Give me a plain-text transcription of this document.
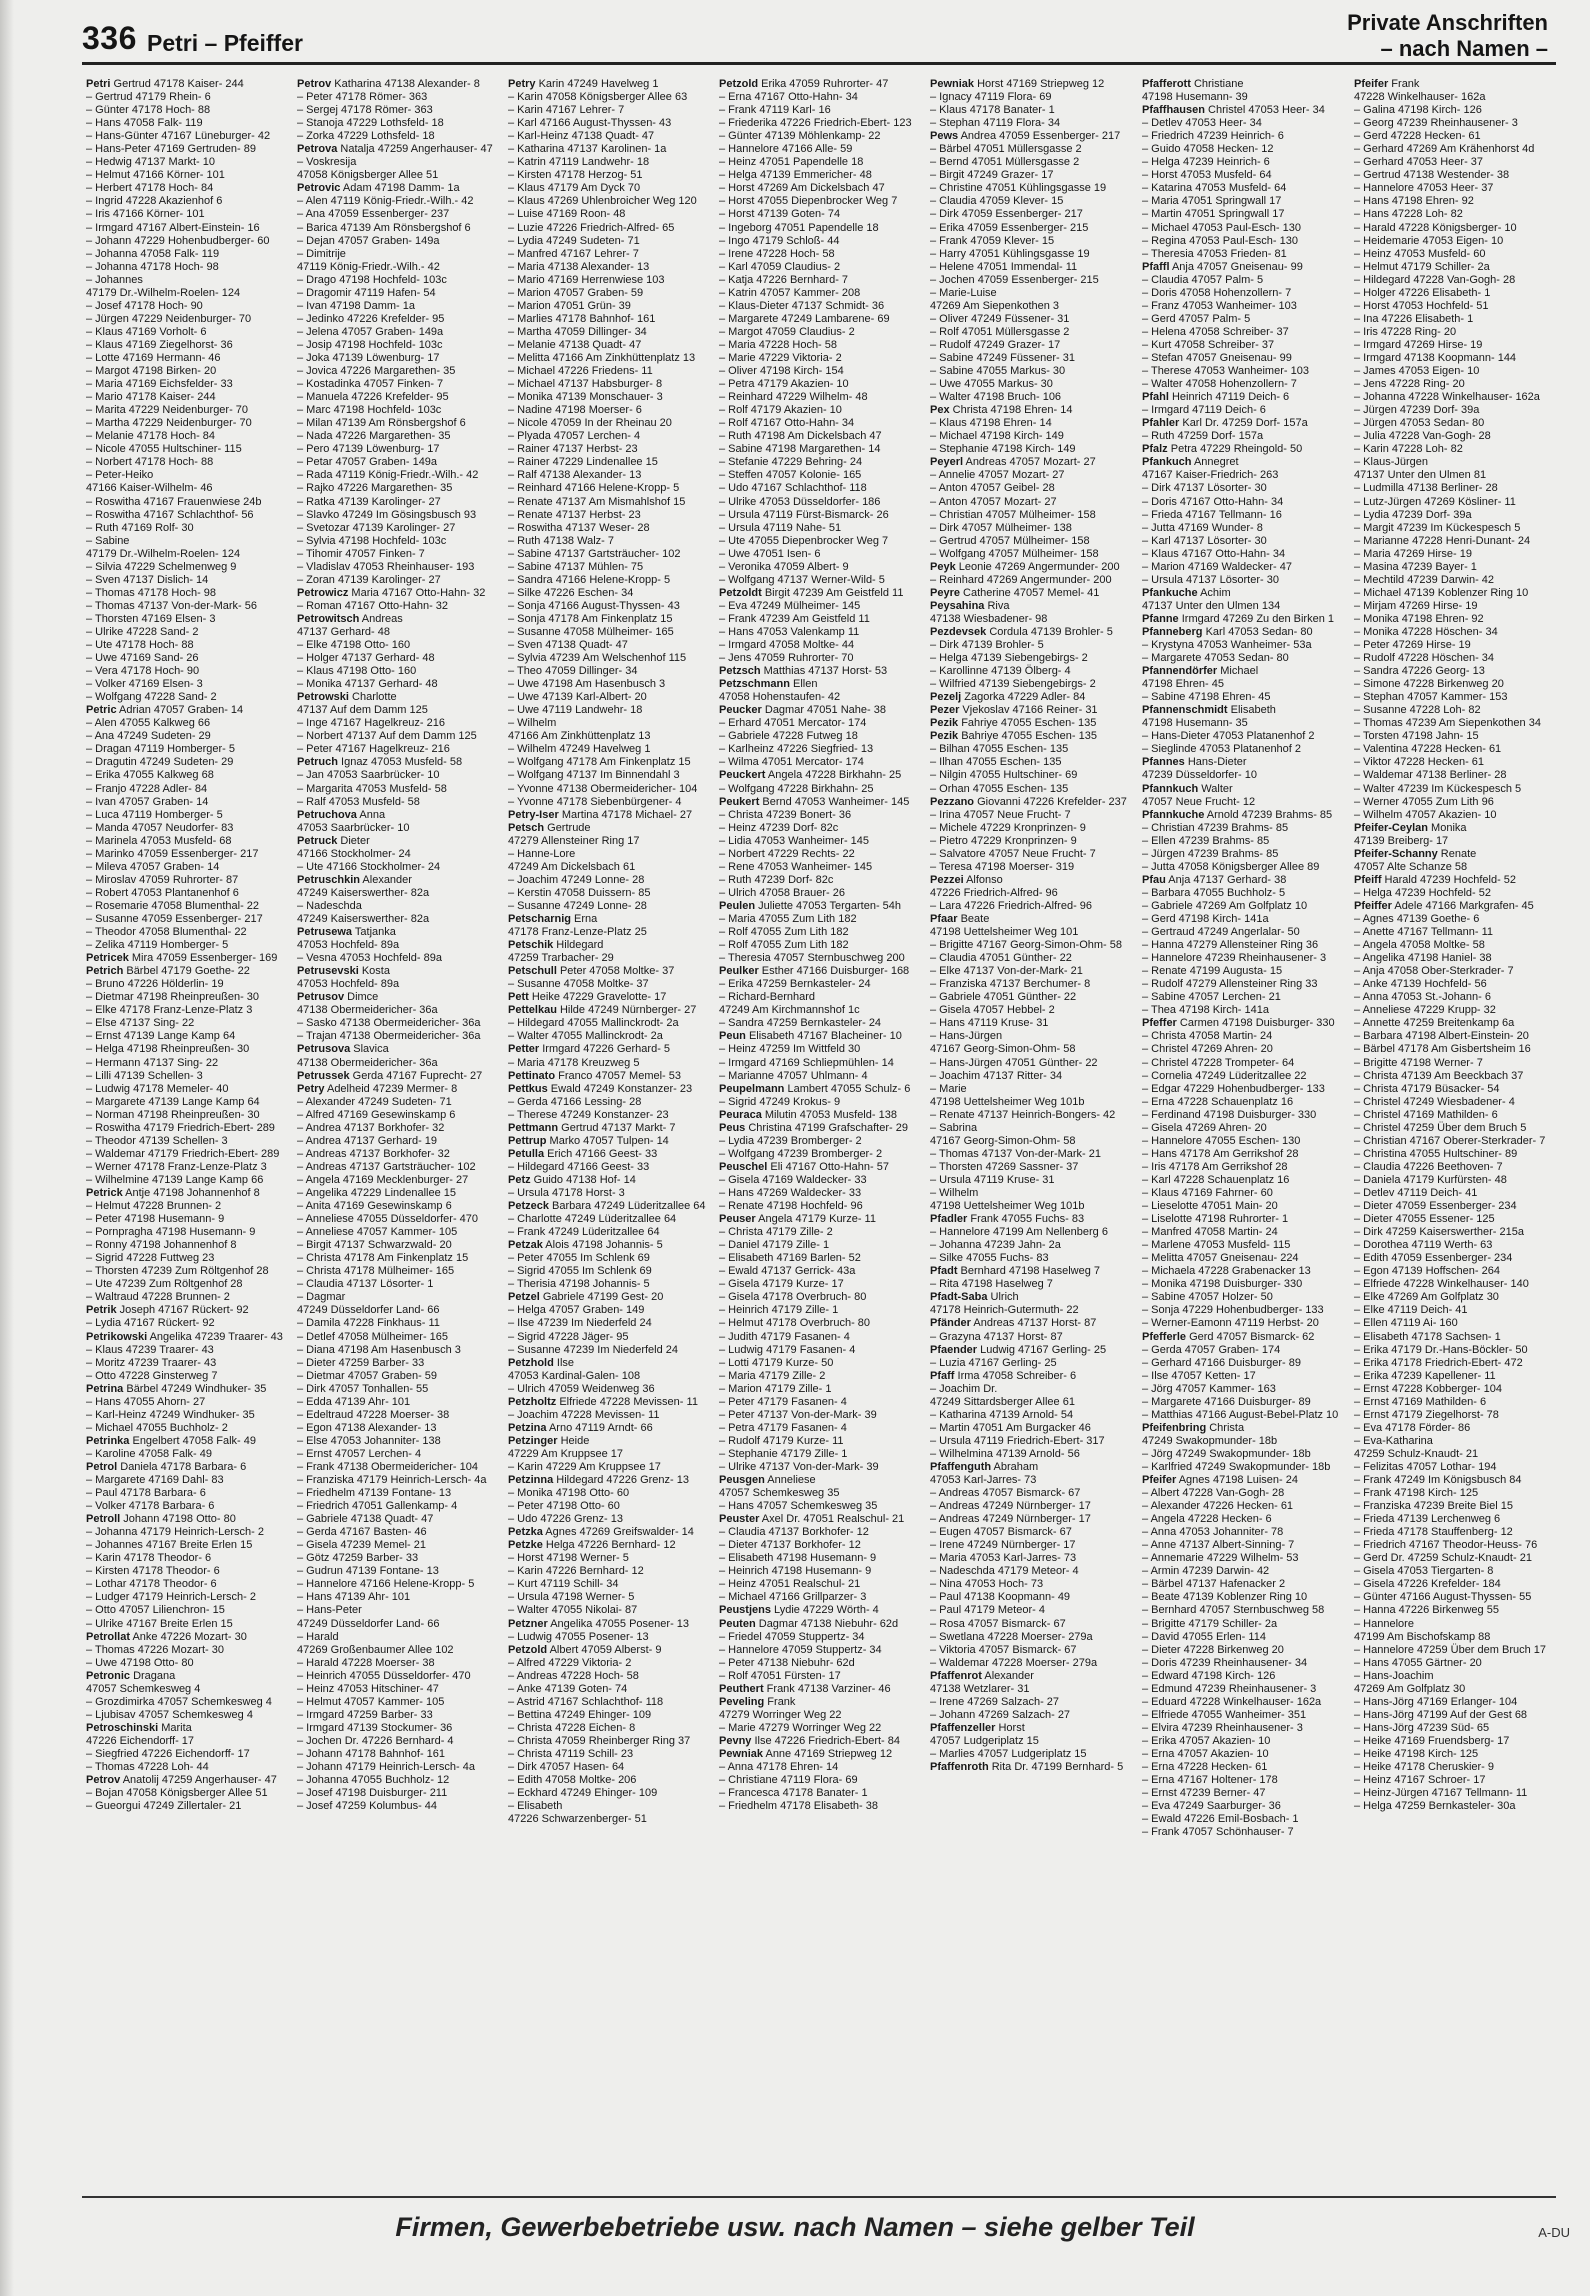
336 Petri – Pfeiffer
Private Anschriften
– nach Namen –
Petri Gertrud 47178 Kaiser- 244
– Gertrud 47179 Rhein- 6
– Günter 47178 Hoch- 88
– Hans 47058 Falk- 119
– Hans-Günter 47167 Lüneburger- 42
– Hans-Peter 47169 Gertruden- 89
– Hedwig 47137 Markt- 10
– Helmut 47166 Körner- 101
– Herbert 47178 Hoch- 84
– Ingrid 47228 Akazienhof 6
– Iris 47166 Körner- 101
– Irmgard 47167 Albert-Einstein- 16
– Johann 47229 Hohenbudberger- 60
– Johanna 47058 Falk- 119
– Johanna 47178 Hoch- 98
– Johannes
47179 Dr.-Wilhelm-Roelen- 124
– Josef 47178 Hoch- 90
– Jürgen 47229 Neidenburger- 70
– Klaus 47169 Vorholt- 6
– Klaus 47169 Ziegelhorst- 36
– Lotte 47169 Hermann- 46
– Margot 47198 Birken- 20
– Maria 47169 Eichsfelder- 33
– Mario 47178 Kaiser- 244
– Marita 47229 Neidenburger- 70
– Martha 47229 Neidenburger- 70
– Melanie 47178 Hoch- 84
– Nicole 47055 Hultschiner- 115
– Norbert 47178 Hoch- 88
– Peter-Heiko
47166 Kaiser-Wilhelm- 46
– Roswitha 47167 Frauenwiese 24b
– Roswitha 47167 Schlachthof- 56
– Ruth 47169 Rolf- 30
– Sabine
47179 Dr.-Wilhelm-Roelen- 124
– Silvia 47229 Schelmenweg 9
– Sven 47137 Dislich- 14
– Thomas 47178 Hoch- 98
– Thomas 47137 Von-der-Mark- 56
– Thorsten 47169 Elsen- 3
– Ulrike 47228 Sand- 2
– Ute 47178 Hoch- 88
– Uwe 47169 Sand- 26
– Vera 47178 Hoch- 90
– Volker 47169 Elsen- 3
– Wolfgang 47228 Sand- 2
Petric Adrian 47057 Graben- 14
– Alen 47055 Kalkweg 66
– Ana 47249 Sudeten- 29
– Dragan 47119 Homberger- 5
– Dragutin 47249 Sudeten- 29
– Erika 47055 Kalkweg 68
– Franjo 47228 Adler- 84
– Ivan 47057 Graben- 14
– Luca 47119 Homberger- 5
– Manda 47057 Neudorfer- 83
– Marinela 47053 Musfeld- 68
– Marinko 47059 Essenberger- 217
– Mileva 47057 Graben- 14
– Miroslav 47059 Ruhrorter- 87
– Robert 47053 Plantanenhof 6
– Rosemarie 47058 Blumenthal- 22
– Susanne 47059 Essenberger- 217
– Theodor 47058 Blumenthal- 22
– Zelika 47119 Homberger- 5
Petricek Mira 47059 Essenberger- 169
Petrich Bärbel 47179 Goethe- 22
– Bruno 47226 Hölderlin- 19
– Dietmar 47198 Rheinpreußen- 30
– Elke 47178 Franz-Lenze-Platz 3
– Else 47137 Sing- 22
– Ernst 47139 Lange Kamp 64
– Helga 47198 Rheinpreußen- 30
– Hermann 47137 Sing- 22
– Lilli 47139 Schellen- 3
– Ludwig 47178 Memeler- 40
– Margarete 47139 Lange Kamp 64
– Norman 47198 Rheinpreußen- 30
– Roswitha 47179 Friedrich-Ebert- 289
– Theodor 47139 Schellen- 3
– Waldemar 47179 Friedrich-Ebert- 289
– Werner 47178 Franz-Lenze-Platz 3
– Wilhelmine 47139 Lange Kamp 66
Petrick Antje 47198 Johannenhof 8
– Helmut 47228 Brunnen- 2
– Peter 47198 Husemann- 9
– Pornpragha 47198 Husemann- 9
– Ronny 47198 Johannenhof 8
– Sigrid 47228 Futtweg 23
– Thorsten 47239 Zum Röltgenhof 28
– Ute 47239 Zum Röltgenhof 28
– Waltraud 47228 Brunnen- 2
Petrik Joseph 47167 Rückert- 92
– Lydia 47167 Rückert- 92
Petrikowski Angelika 47239 Traarer- 43
– Klaus 47239 Traarer- 43
– Moritz 47239 Traarer- 43
– Otto 47228 Ginsterweg 7
Petrina Bärbel 47249 Windhuker- 35
– Hans 47055 Ahorn- 27
– Karl-Heinz 47249 Windhuker- 35
– Michael 47055 Buchholz- 2
Petrinka Engelbert 47058 Falk- 49
– Karoline 47058 Falk- 49
Petrol Daniela 47178 Barbara- 6
– Margarete 47169 Dahl- 83
– Paul 47178 Barbara- 6
– Volker 47178 Barbara- 6
Petroll Johann 47198 Otto- 80
– Johanna 47179 Heinrich-Lersch- 2
– Johannes 47167 Breite Erlen 15
– Karin 47178 Theodor- 6
– Kirsten 47178 Theodor- 6
– Lothar 47178 Theodor- 6
– Ludger 47179 Heinrich-Lersch- 2
– Otto 47057 Lilienchron- 15
– Ulrike 47167 Breite Erlen 15
Petrollat Anke 47226 Mozart- 30
– Thomas 47226 Mozart- 30
– Uwe 47198 Otto- 80
Petronic Dragana
47057 Schemkesweg 4
– Grozdimirka 47057 Schemkesweg 4
– Ljubisav 47057 Schemkesweg 4
Petroschinski Marita
47226 Eichendorff- 17
– Siegfried 47226 Eichendorff- 17
– Thomas 47228 Loh- 44
Petrov Anatolij 47259 Angerhauser- 47
– Bojan 47058 Königsberger Allee 51
– Gueorgui 47249 Zillertaler- 21
Petrov Katharina 47138 Alexander- 8
– Peter 47178 Römer- 363
– Sergej 47178 Römer- 363
– Stanoja 47229 Lothsfeld- 18
– Zorka 47229 Lothsfeld- 18
Petrova Natalja 47259 Angerhauser- 47
– Voskresija
47058 Königsberger Allee 51
Petrovic Adam 47198 Damm- 1a
– Alen 47119 König-Friedr.-Wilh.- 42
– Ana 47059 Essenberger- 237
– Barica 47139 Am Rönsbergshof 6
– Dejan 47057 Graben- 149a
– Dimitrije
47119 König-Friedr.-Wilh.- 42
– Drago 47198 Hochfeld- 103c
– Dragomir 47119 Hafen- 54
– Ivan 47198 Damm- 1a
– Jedinko 47226 Krefelder- 95
– Jelena 47057 Graben- 149a
– Josip 47198 Hochfeld- 103c
– Joka 47139 Löwenburg- 17
– Jovica 47226 Margarethen- 35
– Kostadinka 47057 Finken- 7
– Manuela 47226 Krefelder- 95
– Marc 47198 Hochfeld- 103c
– Milan 47139 Am Rönsbergshof 6
– Nada 47226 Margarethen- 35
– Pero 47139 Löwenburg- 17
– Petar 47057 Graben- 149a
– Rada 47119 König-Friedr.-Wilh.- 42
– Rajko 47226 Margarethen- 35
– Ratka 47139 Karolinger- 27
– Slavko 47249 Im Gösingsbusch 93
– Svetozar 47139 Karolinger- 27
– Sylvia 47198 Hochfeld- 103c
– Tihomir 47057 Finken- 7
– Vladislav 47053 Rheinhauser- 193
– Zoran 47139 Karolinger- 27
Petrowicz Maria 47167 Otto-Hahn- 32
– Roman 47167 Otto-Hahn- 32
Petrowitsch Andreas
47137 Gerhard- 48
– Elke 47198 Otto- 160
– Holger 47137 Gerhard- 48
– Klaus 47198 Otto- 160
– Monika 47137 Gerhard- 48
Petrowski Charlotte
47137 Auf dem Damm 125
– Inge 47167 Hagelkreuz- 216
– Norbert 47137 Auf dem Damm 125
– Peter 47167 Hagelkreuz- 216
Petruch Ignaz 47053 Musfeld- 58
– Jan 47053 Saarbrücker- 10
– Margarita 47053 Musfeld- 58
– Ralf 47053 Musfeld- 58
Petruchova Anna
47053 Saarbrücker- 10
Petruck Dieter
47166 Stockholmer- 24
– Ute 47166 Stockholmer- 24
Petruschkin Alexander
47249 Kaiserswerther- 82a
– Nadeschda
47249 Kaiserswerther- 82a
Petrusewa Tatjanka
47053 Hochfeld- 89a
– Vesna 47053 Hochfeld- 89a
Petrusevski Kosta
47053 Hochfeld- 89a
Petrusov Dimce
47138 Obermeidericher- 36a
– Sasko 47138 Obermeidericher- 36a
– Trajan 47138 Obermeidericher- 36a
Petrusova Slavica
47138 Obermeidericher- 36a
Petrussek Gerda 47167 Fuprecht- 27
Petry Adelheid 47239 Mermer- 8
– Alexander 47249 Sudeten- 71
– Alfred 47169 Gesewinskamp 6
– Andrea 47137 Borkhofer- 32
– Andrea 47137 Gerhard- 19
– Andreas 47137 Borkhofer- 32
– Andreas 47137 Gartsträucher- 102
– Angela 47169 Mecklenburger- 27
– Angelika 47229 Lindenallee 15
– Anita 47169 Gesewinskamp 6
– Anneliese 47055 Düsseldorfer- 470
– Anneliese 47057 Kammer- 105
– Birgit 47137 Schwarzwald- 20
– Christa 47178 Am Finkenplatz 15
– Christa 47178 Mülheimer- 165
– Claudia 47137 Lösorter- 1
– Dagmar
47249 Düsseldorfer Land- 66
– Damila 47228 Finkhaus- 11
– Detlef 47058 Mülheimer- 165
– Diana 47198 Am Hasenbusch 3
– Dieter 47259 Barber- 33
– Dietmar 47057 Graben- 59
– Dirk 47057 Tonhallen- 55
– Edda 47139 Ahr- 101
– Edeltraud 47228 Moerser- 38
– Egon 47138 Alexander- 13
– Else 47053 Johanniter- 138
– Ernst 47057 Lerchen- 4
– Frank 47138 Obermeidericher- 104
– Franziska 47179 Heinrich-Lersch- 4a
– Friedhelm 47139 Fontane- 13
– Friedrich 47051 Gallenkamp- 4
– Gabriele 47138 Quadt- 47
– Gerda 47167 Basten- 46
– Gisela 47239 Memel- 21
– Götz 47259 Barber- 33
– Gudrun 47139 Fontane- 13
– Hannelore 47166 Helene-Kropp- 5
– Hans 47139 Ahr- 101
– Hans-Peter
47249 Düsseldorfer Land- 66
– Harald
47269 Großenbaumer Allee 102
– Harald 47228 Moerser- 38
– Heinrich 47055 Düsseldorfer- 470
– Heinz 47053 Hitschiner- 47
– Helmut 47057 Kammer- 105
– Irmgard 47259 Barber- 33
– Irmgard 47139 Stockumer- 36
– Jochen Dr. 47226 Bernhard- 4
– Johann 47178 Bahnhof- 161
– Johann 47179 Heinrich-Lersch- 4a
– Johanna 47055 Buchholz- 12
– Josef 47198 Duisburger- 211
– Josef 47259 Kolumbus- 44
Petry Karin 47249 Havelweg 1
– Karin 47058 Königsberger Allee 63
– Karin 47167 Lehrer- 7
– Karl 47166 August-Thyssen- 43
– Karl-Heinz 47138 Quadt- 47
– Katharina 47137 Karolinen- 1a
– Katrin 47119 Landwehr- 18
– Kirsten 47178 Herzog- 51
– Klaus 47179 Am Dyck 70
– Klaus 47269 Uhlenbroicher Weg 120
– Luise 47169 Roon- 48
– Luzie 47226 Friedrich-Alfred- 65
– Lydia 47249 Sudeten- 71
– Manfred 47167 Lehrer- 7
– Maria 47138 Alexander- 13
– Mario 47169 Herrenwiese 103
– Marion 47057 Graben- 59
– Marion 47051 Grün- 39
– Marlies 47178 Bahnhof- 161
– Martha 47059 Dillinger- 34
– Melanie 47138 Quadt- 47
– Melitta 47166 Am Zinkhüttenplatz 13
– Michael 47226 Friedens- 11
– Michael 47137 Habsburger- 8
– Monika 47139 Monschauer- 3
– Nadine 47198 Moerser- 6
– Nicole 47059 In der Rheinau 20
– Plyada 47057 Lerchen- 4
– Rainer 47137 Herbst- 23
– Rainer 47229 Lindenallee 15
– Ralf 47138 Alexander- 13
– Reinhard 47166 Helene-Kropp- 5
– Renate 47137 Am Mismahlshof 15
– Renate 47137 Herbst- 23
– Roswitha 47137 Weser- 28
– Ruth 47138 Walz- 7
– Sabine 47137 Gartsträucher- 102
– Sabine 47137 Mühlen- 75
– Sandra 47166 Helene-Kropp- 5
– Silke 47226 Eschen- 34
– Sonja 47166 August-Thyssen- 43
– Sonja 47178 Am Finkenplatz 15
– Susanne 47058 Mülheimer- 165
– Sven 47138 Quadt- 47
– Sylvia 47239 Am Welschenhof 115
– Theo 47059 Dillinger- 34
– Uwe 47198 Am Hasenbusch 3
– Uwe 47139 Karl-Albert- 20
– Uwe 47119 Landwehr- 18
– Wilhelm
47166 Am Zinkhüttenplatz 13
– Wilhelm 47249 Havelweg 1
– Wolfgang 47178 Am Finkenplatz 15
– Wolfgang 47137 Im Binnendahl 3
– Yvonne 47138 Obermeidericher- 104
– Yvonne 47178 Siebenbürgener- 4
Petry-Iser Martina 47178 Michael- 27
Petsch Gertrude
47279 Allensteiner Ring 17
– Hanne-Lore
47249 Am Dickelsbach 61
– Joachim 47249 Lonne- 28
– Kerstin 47058 Duissern- 85
– Susanne 47249 Lonne- 28
Petscharnig Erna
47178 Franz-Lenze-Platz 25
Petschik Hildegard
47259 Trarbacher- 29
Petschull Peter 47058 Moltke- 37
– Susanne 47058 Moltke- 37
Pett Heike 47229 Gravelotte- 17
Pettelkau Hilde 47249 Nürnberger- 27
– Hildegard 47055 Mallinckrodt- 2a
– Walter 47055 Mallinckrodt- 2a
Petter Irmgard 47226 Gerhard- 5
– Maria 47178 Kreuzweg 5
Pettinato Franco 47057 Memel- 53
Pettkus Ewald 47249 Konstanzer- 23
– Gerda 47166 Lessing- 28
– Therese 47249 Konstanzer- 23
Pettmann Gertrud 47137 Markt- 7
Pettrup Marko 47057 Tulpen- 14
Petulla Erich 47166 Geest- 33
– Hildegard 47166 Geest- 33
Petz Guido 47138 Hof- 14
– Ursula 47178 Horst- 3
Petzeck Barbara 47249 Lüderitzallee 64
– Charlotte 47249 Lüderitzallee 64
– Frank 47249 Lüderitzallee 64
Petzak Alois 47198 Johannis- 5
– Peter 47055 Im Schlenk 69
– Sigrid 47055 Im Schlenk 69
– Therisia 47198 Johannis- 5
Petzel Gabriele 47199 Gest- 20
– Helga 47057 Graben- 149
– Ilse 47239 Im Niederfeld 24
– Sigrid 47228 Jäger- 95
– Susanne 47239 Im Niederfeld 24
Petzhold Ilse
47053 Kardinal-Galen- 108
– Ulrich 47059 Weidenweg 36
Petzholtz Elfriede 47228 Mevissen- 11
– Joachim 47228 Mevissen- 11
Petzina Arno 47119 Arndt- 66
Petzinger Heide
47229 Am Kruppsee 17
– Karin 47229 Am Kruppsee 17
Petzinna Hildegard 47226 Grenz- 13
– Monika 47198 Otto- 60
– Peter 47198 Otto- 60
– Udo 47226 Grenz- 13
Petzka Agnes 47269 Greifswalder- 14
Petzke Helga 47226 Bernhard- 12
– Horst 47198 Werner- 5
– Karin 47226 Bernhard- 12
– Kurt 47119 Schill- 34
– Ursula 47198 Werner- 5
– Walter 47055 Nikolai- 87
Petzner Angelika 47055 Posener- 13
– Ludwig 47055 Posener- 13
Petzold Albert 47059 Alberst- 9
– Alfred 47229 Viktoria- 2
– Andreas 47228 Hoch- 58
– Anke 47139 Goten- 74
– Astrid 47167 Schlachthof- 118
– Bettina 47249 Ehinger- 109
– Christa 47228 Eichen- 8
– Christa 47059 Rheinberger Ring 37
– Christa 47119 Schill- 23
– Dirk 47057 Hasen- 64
– Edith 47058 Moltke- 206
– Eckhard 47249 Ehinger- 109
– Elisabeth
47226 Schwarzenberger- 51
Petzold Erika 47059 Ruhrorter- 47
– Erna 47167 Otto-Hahn- 34
– Frank 47119 Karl- 16
– Friederika 47226 Friedrich-Ebert- 123
– Günter 47139 Möhlenkamp- 22
– Hannelore 47166 Alle- 59
– Heinz 47051 Papendelle 18
– Helga 47139 Emmericher- 48
– Horst 47269 Am Dickelsbach 47
– Horst 47055 Diepenbrocker Weg 7
– Horst 47139 Goten- 74
– Ingeborg 47051 Papendelle 18
– Ingo 47179 Schloß- 44
– Irene 47228 Hoch- 58
– Karl 47059 Claudius- 2
– Katja 47226 Bernhard- 7
– Katrin 47057 Kammer- 208
– Klaus-Dieter 47137 Schmidt- 36
– Margarete 47249 Lambarene- 69
– Margot 47059 Claudius- 2
– Maria 47228 Hoch- 58
– Marie 47229 Viktoria- 2
– Oliver 47198 Kirch- 154
– Petra 47179 Akazien- 10
– Reinhard 47229 Wilhelm- 48
– Rolf 47179 Akazien- 10
– Rolf 47167 Otto-Hahn- 34
– Ruth 47198 Am Dickelsbach 47
– Sabine 47198 Margarethen- 14
– Stefanie 47229 Behring- 24
– Steffen 47057 Kolonie- 165
– Udo 47167 Schlachthof- 118
– Ulrike 47053 Düsseldorfer- 186
– Ursula 47119 Fürst-Bismarck- 26
– Ursula 47119 Nahe- 51
– Ute 47055 Diepenbrocker Weg 7
– Uwe 47051 Isen- 6
– Veronika 47059 Albert- 9
– Wolfgang 47137 Werner-Wild- 5
Petzoldt Birgit 47239 Am Geistfeld 11
– Eva 47249 Mülheimer- 145
– Frank 47239 Am Geistfeld 11
– Hans 47053 Valenkamp 11
– Irmgard 47058 Moltke- 44
– Jens 47059 Ruhrorter- 70
Petzsch Matthias 47137 Horst- 53
Petzschmann Ellen
47058 Hohenstaufen- 42
Peucker Dagmar 47051 Nahe- 38
– Erhard 47051 Mercator- 174
– Gabriele 47228 Futweg 18
– Karlheinz 47226 Siegfried- 13
– Wilma 47051 Mercator- 174
Peuckert Angela 47228 Birkhahn- 25
– Wolfgang 47228 Birkhahn- 25
Peukert Bernd 47053 Wanheimer- 145
– Christa 47239 Bonert- 36
– Heinz 47239 Dorf- 82c
– Lidia 47053 Wanheimer- 145
– Norbert 47229 Rechts- 22
– Rene 47053 Wanheimer- 145
– Ruth 47239 Dorf- 82c
– Ulrich 47058 Brauer- 26
Peulen Juliette 47053 Tergarten- 54h
– Maria 47055 Zum Lith 182
– Rolf 47055 Zum Lith 182
– Rolf 47055 Zum Lith 182
– Theresia 47057 Sternbuschweg 200
Peulker Esther 47166 Duisburger- 168
– Erika 47259 Bernkasteler- 24
– Richard-Bernhard
47249 Am Kirchmannshof 1c
– Sandra 47259 Bernkasteler- 24
Peun Elisabeth 47167 Blacheiner- 10
– Heinz 47259 Im Wittfeld 30
– Irmgard 47169 Schliepmühlen- 14
– Marianne 47057 Uhlmann- 4
Peupelmann Lambert 47055 Schulz- 6
– Sigrid 47249 Krokus- 9
Peuraca Milutin 47053 Musfeld- 138
Peus Christina 47199 Grafschafter- 29
– Lydia 47239 Bromberger- 2
– Wolfgang 47239 Bromberger- 2
Peuschel Eli 47167 Otto-Hahn- 57
– Gisela 47169 Waldecker- 33
– Hans 47269 Waldecker- 33
– Renate 47198 Hochfeld- 96
Peuser Angela 47179 Kurze- 11
– Christa 47179 Zille- 2
– Daniel 47179 Zille- 1
– Elisabeth 47169 Barlen- 52
– Ewald 47137 Gerrick- 43a
– Gisela 47179 Kurze- 17
– Gisela 47178 Overbruch- 80
– Heinrich 47179 Zille- 1
– Helmut 47178 Overbruch- 80
– Judith 47179 Fasanen- 4
– Ludwig 47179 Fasanen- 4
– Lotti 47179 Kurze- 50
– Maria 47179 Zille- 2
– Marion 47179 Zille- 1
– Peter 47179 Fasanen- 4
– Peter 47137 Von-der-Mark- 39
– Petra 47179 Fasanen- 4
– Rudolf 47179 Kurze- 11
– Stephanie 47179 Zille- 1
– Ulrike 47137 Von-der-Mark- 39
Peusgen Anneliese
47057 Schemkesweg 35
– Hans 47057 Schemkesweg 35
Peuster Axel Dr. 47051 Realschul- 21
– Claudia 47137 Borkhofer- 12
– Dieter 47137 Borkhofer- 12
– Elisabeth 47198 Husemann- 9
– Heinrich 47198 Husemann- 9
– Heinz 47051 Realschul- 21
– Michael 47166 Grillparzer- 3
Peustjens Lydie 47229 Wörth- 4
Peuten Dagmar 47138 Niebuhr- 62d
– Friedel 47059 Stuppertz- 34
– Hannelore 47059 Stuppertz- 34
– Peter 47138 Niebuhr- 62d
– Rolf 47051 Fürsten- 17
Peuthert Frank 47138 Varziner- 46
Peveling Frank
47279 Worringer Weg 22
– Marie 47279 Worringer Weg 22
Pevny Ilse 47226 Friedrich-Ebert- 84
Pewniak Anne 47169 Striepweg 12
– Anna 47178 Ehren- 14
– Christiane 47119 Flora- 69
– Francesca 47178 Banater- 1
– Friedhelm 47178 Elisabeth- 38
Pewniak Horst 47169 Striepweg 12
– Ignacy 47119 Flora- 69
– Klaus 47178 Banater- 1
– Stephan 47119 Flora- 34
Pews Andrea 47059 Essenberger- 217
– Bärbel 47051 Müllersgasse 2
– Bernd 47051 Müllersgasse 2
– Birgit 47249 Grazer- 17
– Christine 47051 Kühlingsgasse 19
– Claudia 47059 Klever- 15
– Dirk 47059 Essenberger- 217
– Erika 47059 Essenberger- 215
– Frank 47059 Klever- 15
– Harry 47051 Kühlingsgasse 19
– Helene 47051 Immendal- 11
– Jochen 47059 Essenberger- 215
– Marie-Luise
47269 Am Siepenkothen 3
– Oliver 47249 Füssener- 31
– Rolf 47051 Müllersgasse 2
– Rudolf 47249 Grazer- 17
– Sabine 47249 Füssener- 31
– Sabine 47055 Markus- 30
– Uwe 47055 Markus- 30
– Walter 47198 Bruch- 106
Pex Christa 47198 Ehren- 14
– Klaus 47198 Ehren- 14
– Michael 47198 Kirch- 149
– Stephanie 47198 Kirch- 149
Peyerl Andreas 47057 Mozart- 27
– Annelie 47057 Mozart- 27
– Anton 47057 Geibel- 28
– Anton 47057 Mozart- 27
– Christian 47057 Mülheimer- 158
– Dirk 47057 Mülheimer- 138
– Gertrud 47057 Mülheimer- 158
– Wolfgang 47057 Mülheimer- 158
Peyk Leonie 47269 Angermunder- 200
– Reinhard 47269 Angermunder- 200
Peyre Catherine 47057 Memel- 41
Peysahina Riva
47138 Wiesbadener- 98
Pezdevsek Cordula 47139 Brohler- 5
– Dirk 47139 Brohler- 5
– Helga 47139 Siebengebirgs- 2
– Karollinne 47139 Ölberg- 4
– Wilfried 47139 Siebengebirgs- 2
Pezelj Zagorka 47229 Adler- 84
Pezer Vjekoslav 47166 Reiner- 31
Pezik Fahriye 47055 Eschen- 135
Pezik Bahriye 47055 Eschen- 135
– Bilhan 47055 Eschen- 135
– Ilhan 47055 Eschen- 135
– Nilgin 47055 Hultschiner- 69
– Orhan 47055 Eschen- 135
Pezzano Giovanni 47226 Krefelder- 237
– Irina 47057 Neue Frucht- 7
– Michele 47229 Kronprinzen- 9
– Pietro 47229 Kronprinzen- 9
– Salvatore 47057 Neue Frucht- 7
– Teresa 47198 Moerser- 319
Pezzei Alfonso
47226 Friedrich-Alfred- 96
– Lara 47226 Friedrich-Alfred- 96
Pfaar Beate
47198 Uettelsheimer Weg 101
– Brigitte 47167 Georg-Simon-Ohm- 58
– Claudia 47051 Günther- 22
– Elke 47137 Von-der-Mark- 21
– Franziska 47137 Berchumer- 8
– Gabriele 47051 Günther- 22
– Gisela 47057 Hebbel- 2
– Hans 47119 Kruse- 31
– Hans-Jürgen
47167 Georg-Simon-Ohm- 58
– Hans-Jürgen 47051 Günther- 22
– Joachim 47137 Ritter- 34
– Marie
47198 Uettelsheimer Weg 101b
– Renate 47137 Heinrich-Bongers- 42
– Sabrina
47167 Georg-Simon-Ohm- 58
– Thomas 47137 Von-der-Mark- 21
– Thorsten 47269 Sassner- 37
– Ursula 47119 Kruse- 31
– Wilhelm
47198 Uettelsheimer Weg 101b
Pfadler Frank 47055 Fuchs- 83
– Hannelore 47199 Am Nellenberg 6
– Johanna 47239 Jahn- 2a
– Silke 47055 Fuchs- 83
Pfadt Bernhard 47198 Haselweg 7
– Rita 47198 Haselweg 7
Pfadt-Saba Ulrich
47178 Heinrich-Gutermuth- 22
Pfänder Andreas 47137 Horst- 87
– Grazyna 47137 Horst- 87
Pfaender Ludwig 47167 Gerling- 25
– Luzia 47167 Gerling- 25
Pfaff Irma 47058 Schreiber- 6
– Joachim Dr.
47249 Sittardsberger Allee 61
– Katharina 47139 Arnold- 54
– Martin 47051 Am Burgacker 46
– Ursula 47119 Friedrich-Ebert- 317
– Wilhelmina 47139 Arnold- 56
Pfaffenguth Abraham
47053 Karl-Jarres- 73
– Andreas 47057 Bismarck- 67
– Andreas 47249 Nürnberger- 17
– Andreas 47249 Nürnberger- 17
– Eugen 47057 Bismarck- 67
– Irene 47249 Nürnberger- 17
– Maria 47053 Karl-Jarres- 73
– Nadeschda 47179 Meteor- 4
– Nina 47053 Hoch- 73
– Paul 47138 Koopmann- 49
– Paul 47179 Meteor- 4
– Rosa 47057 Bismarck- 67
– Swetlana 47228 Moerser- 279a
– Viktoria 47057 Bismarck- 67
– Waldemar 47228 Moerser- 279a
Pfaffenrot Alexander
47138 Wetzlarer- 31
– Irene 47269 Salzach- 27
– Johann 47269 Salzach- 27
Pfaffenzeller Horst
47057 Ludgeriplatz 15
– Marlies 47057 Ludgeriplatz 15
Pfaffenroth Rita Dr. 47199 Bernhard- 5
Pfafferott Christiane
47198 Husemann- 39
Pfaffhausen Christel 47053 Heer- 34
– Detlev 47053 Heer- 34
– Friedrich 47239 Heinrich- 6
– Guido 47058 Hecken- 12
– Helga 47239 Heinrich- 6
– Horst 47053 Musfeld- 64
– Katarina 47053 Musfeld- 64
– Maria 47051 Springwall 17
– Martin 47051 Springwall 17
– Michael 47053 Paul-Esch- 130
– Regina 47053 Paul-Esch- 130
– Theresia 47053 Frieden- 81
Pfaffl Anja 47057 Gneisenau- 99
– Claudia 47057 Palm- 5
– Doris 47058 Hohenzollern- 7
– Franz 47053 Wanheimer- 103
– Gerd 47057 Palm- 5
– Helena 47058 Schreiber- 37
– Kurt 47058 Schreiber- 37
– Stefan 47057 Gneisenau- 99
– Therese 47053 Wanheimer- 103
– Walter 47058 Hohenzollern- 7
Pfahl Heinrich 47119 Deich- 6
– Irmgard 47119 Deich- 6
Pfahler Karl Dr. 47259 Dorf- 157a
– Ruth 47259 Dorf- 157a
Pfalz Petra 47229 Rheingold- 50
Pfankuch Annegret
47167 Kaiser-Friedrich- 263
– Dirk 47137 Lösorter- 30
– Doris 47167 Otto-Hahn- 34
– Frieda 47167 Tellmann- 16
– Jutta 47169 Wunder- 8
– Karl 47137 Lösorter- 30
– Klaus 47167 Otto-Hahn- 34
– Marion 47169 Waldecker- 47
– Ursula 47137 Lösorter- 30
Pfankuche Achim
47137 Unter den Ulmen 134
Pfanne Irmgard 47269 Zu den Birken 1
Pfanneberg Karl 47053 Sedan- 80
– Krystyna 47053 Wanheimer- 53a
– Margarete 47053 Sedan- 80
Pfannendörfer Michael
47198 Ehren- 45
– Sabine 47198 Ehren- 45
Pfannenschmidt Elisabeth
47198 Husemann- 35
– Hans-Dieter 47053 Platanenhof 2
– Sieglinde 47053 Platanenhof 2
Pfannes Hans-Dieter
47239 Düsseldorfer- 10
Pfannkuch Walter
47057 Neue Frucht- 12
Pfannkuche Arnold 47239 Brahms- 85
– Christian 47239 Brahms- 85
– Ellen 47239 Brahms- 85
– Jürgen 47239 Brahms- 85
– Jutta 47058 Königsberger Allee 89
Pfau Anja 47137 Gerhard- 38
– Barbara 47055 Buchholz- 5
– Gabriele 47269 Am Golfplatz 10
– Gerd 47198 Kirch- 141a
– Gertraud 47249 Angerlalar- 50
– Hanna 47279 Allensteiner Ring 36
– Hannelore 47239 Rheinhausener- 3
– Renate 47199 Augusta- 15
– Rudolf 47279 Allensteiner Ring 33
– Sabine 47057 Lerchen- 21
– Thea 47198 Kirch- 141a
Pfeffer Carmen 47198 Duisburger- 330
– Christa 47058 Martin- 24
– Christel 47269 Ahren- 20
– Christel 47228 Trompeter- 64
– Cornelia 47249 Lüderitzallee 22
– Edgar 47229 Hohenbudberger- 133
– Erna 47228 Schauenplatz 16
– Ferdinand 47198 Duisburger- 330
– Gisela 47269 Ahren- 20
– Hannelore 47055 Eschen- 130
– Hans 47178 Am Gerrikshof 28
– Iris 47178 Am Gerrikshof 28
– Karl 47228 Schauenplatz 16
– Klaus 47169 Fahrner- 60
– Lieselotte 47051 Main- 20
– Liselotte 47198 Ruhrorter- 1
– Manfred 47058 Martin- 24
– Marlene 47053 Musfeld- 115
– Melitta 47057 Gneisenau- 224
– Michaela 47228 Grabenacker 13
– Monika 47198 Duisburger- 330
– Sabine 47057 Holzer- 50
– Sonja 47229 Hohenbudberger- 133
– Werner-Eamonn 47119 Herbst- 20
Pfefferle Gerd 47057 Bismarck- 62
– Gerda 47057 Graben- 174
– Gerhard 47166 Duisburger- 89
– Ilse 47057 Ketten- 17
– Jörg 47057 Kammer- 163
– Margarete 47166 Duisburger- 89
– Matthias 47166 August-Bebel-Platz 10
Pfeifenbring Christa
47249 Swakopmunder- 18b
– Jörg 47249 Swakopmunder- 18b
– Karlfried 47249 Swakopmunder- 18b
Pfeifer Agnes 47198 Luisen- 24
– Albert 47228 Van-Gogh- 28
– Alexander 47226 Hecken- 61
– Angela 47228 Hecken- 6
– Anna 47053 Johanniter- 78
– Anne 47137 Albert-Sinning- 7
– Annemarie 47229 Wilhelm- 53
– Armin 47239 Darwin- 42
– Bärbel 47137 Hafenacker 2
– Beate 47139 Koblenzer Ring 10
– Bernhard 47057 Sternbuschweg 58
– Brigitte 47179 Schiller- 2a
– David 47055 Erlen- 114
– Dieter 47228 Birkenweg 20
– Doris 47239 Rheinhausener- 34
– Edward 47198 Kirch- 126
– Edmund 47239 Rheinhausener- 3
– Eduard 47228 Winkelhauser- 162a
– Elfriede 47055 Wanheimer- 351
– Elvira 47239 Rheinhausener- 3
– Erika 47057 Akazien- 10
– Erna 47057 Akazien- 10
– Erna 47228 Hecken- 61
– Erna 47167 Holtener- 178
– Ernst 47239 Berner- 47
– Eva 47249 Saarburger- 36
– Ewald 47226 Emil-Bosbach- 1
– Frank 47057 Schönhauser- 7
Pfeifer Frank
47228 Winkelhauser- 162a
– Galina 47198 Kirch- 126
– Georg 47239 Rheinhausener- 3
– Gerd 47228 Hecken- 61
– Gerhard 47269 Am Krähenhorst 4d
– Gerhard 47053 Heer- 37
– Gertrud 47138 Westender- 38
– Hannelore 47053 Heer- 37
– Hans 47198 Ehren- 92
– Hans 47228 Loh- 82
– Harald 47228 Königsberger- 10
– Heidemarie 47053 Eigen- 10
– Heinz 47053 Musfeld- 60
– Helmut 47179 Schiller- 2a
– Hildegard 47228 Van-Gogh- 28
– Holger 47226 Elisabeth- 1
– Horst 47053 Hochfeld- 51
– Ina 47226 Elisabeth- 1
– Iris 47228 Ring- 20
– Irmgard 47269 Hirse- 19
– Irmgard 47138 Koopmann- 144
– James 47053 Eigen- 10
– Jens 47228 Ring- 20
– Johanna 47228 Winkelhauser- 162a
– Jürgen 47239 Dorf- 39a
– Jürgen 47053 Sedan- 80
– Julia 47228 Van-Gogh- 28
– Karin 47228 Loh- 82
– Klaus-Jürgen
47137 Unter den Ulmen 81
– Ludmilla 47138 Berliner- 28
– Lutz-Jürgen 47269 Kösliner- 11
– Lydia 47239 Dorf- 39a
– Margit 47239 Im Kückespesch 5
– Marianne 47228 Henri-Dunant- 24
– Maria 47269 Hirse- 19
– Masina 47239 Bayer- 1
– Mechtild 47239 Darwin- 42
– Michael 47139 Koblenzer Ring 10
– Mirjam 47269 Hirse- 19
– Monika 47198 Ehren- 92
– Monika 47228 Höschen- 34
– Peter 47269 Hirse- 19
– Rudolf 47228 Höschen- 34
– Sandra 47226 Georg- 13
– Simone 47228 Birkenweg 20
– Stephan 47057 Kammer- 153
– Susanne 47228 Loh- 82
– Thomas 47239 Am Siepenkothen 34
– Torsten 47198 Jahn- 15
– Valentina 47228 Hecken- 61
– Viktor 47228 Hecken- 61
– Waldemar 47138 Berliner- 28
– Walter 47239 Im Kückespesch 5
– Werner 47055 Zum Lith 96
– Wilhelm 47057 Akazien- 10
Pfeifer-Ceylan Monika
47139 Breiberg- 17
Pfeifer-Schanny Renate
47057 Alte Schanze 58
Pfeiff Harald 47239 Hochfeld- 52
– Helga 47239 Hochfeld- 52
Pfeiffer Adele 47166 Markgrafen- 45
– Agnes 47139 Goethe- 6
– Anette 47167 Tellmann- 11
– Angela 47058 Moltke- 58
– Angelika 47198 Haniel- 38
– Anja 47058 Ober-Sterkrader- 7
– Anke 47139 Hochfeld- 56
– Anna 47053 St.-Johann- 6
– Anneliese 47229 Krupp- 32
– Annette 47259 Breitenkamp 6a
– Barbara 47198 Albert-Einstein- 20
– Bärbel 47178 Am Gisbertsheim 16
– Brigitte 47198 Werner- 7
– Christa 47139 Am Beeckbach 37
– Christa 47179 Büsacker- 54
– Christel 47249 Wiesbadener- 4
– Christel 47169 Mathilden- 6
– Christel 47259 Über dem Bruch 5
– Christian 47167 Oberer-Sterkrader- 7
– Christina 47055 Hultschiner- 89
– Claudia 47226 Beethoven- 7
– Daniela 47179 Kurfürsten- 48
– Detlev 47119 Deich- 41
– Dieter 47059 Essenberger- 234
– Dieter 47055 Essener- 125
– Dirk 47259 Kaiserswerther- 215a
– Dorothea 47119 Werth- 63
– Edith 47059 Essenberger- 234
– Egon 47139 Hoffschen- 264
– Elfriede 47228 Winkelhauser- 140
– Elke 47269 Am Golfplatz 30
– Elke 47119 Deich- 41
– Ellen 47119 Ai- 160
– Elisabeth 47178 Sachsen- 1
– Erika 47179 Dr.-Hans-Böckler- 50
– Erika 47178 Friedrich-Ebert- 472
– Erika 47239 Kapellener- 11
– Ernst 47228 Kobberger- 104
– Ernst 47169 Mathilden- 6
– Ernst 47179 Ziegelhorst- 78
– Eva 47178 Förder- 86
– Eva-Katharina
47259 Schulz-Knaudt- 21
– Felizitas 47057 Lothar- 194
– Frank 47249 Im Königsbusch 84
– Frank 47198 Kirch- 125
– Franziska 47239 Breite Biel 15
– Frieda 47139 Lerchenweg 6
– Frieda 47178 Stauffenberg- 12
– Friedrich 47167 Theodor-Heuss- 76
– Gerd Dr. 47259 Schulz-Knaudt- 21
– Gisela 47053 Tiergarten- 8
– Gisela 47226 Krefelder- 184
– Günter 47166 August-Thyssen- 55
– Hanna 47226 Birkenweg 55
– Hannelore
47199 Am Bischofskamp 88
– Hannelore 47259 Über dem Bruch 17
– Hans 47055 Gärtner- 20
– Hans-Joachim
47269 Am Golfplatz 30
– Hans-Jörg 47169 Erlanger- 104
– Hans-Jörg 47199 Auf der Gest 68
– Hans-Jörg 47239 Süd- 65
– Heike 47169 Fruendsberg- 17
– Heike 47198 Kirch- 125
– Heike 47178 Cheruskier- 9
– Heinz 47167 Schroer- 17
– Heinz-Jürgen 47167 Tellmann- 11
– Helga 47259 Bernkasteler- 30a
Firmen, Gewerbebetriebe usw. nach Namen – siehe gelber Teil	A-DU
